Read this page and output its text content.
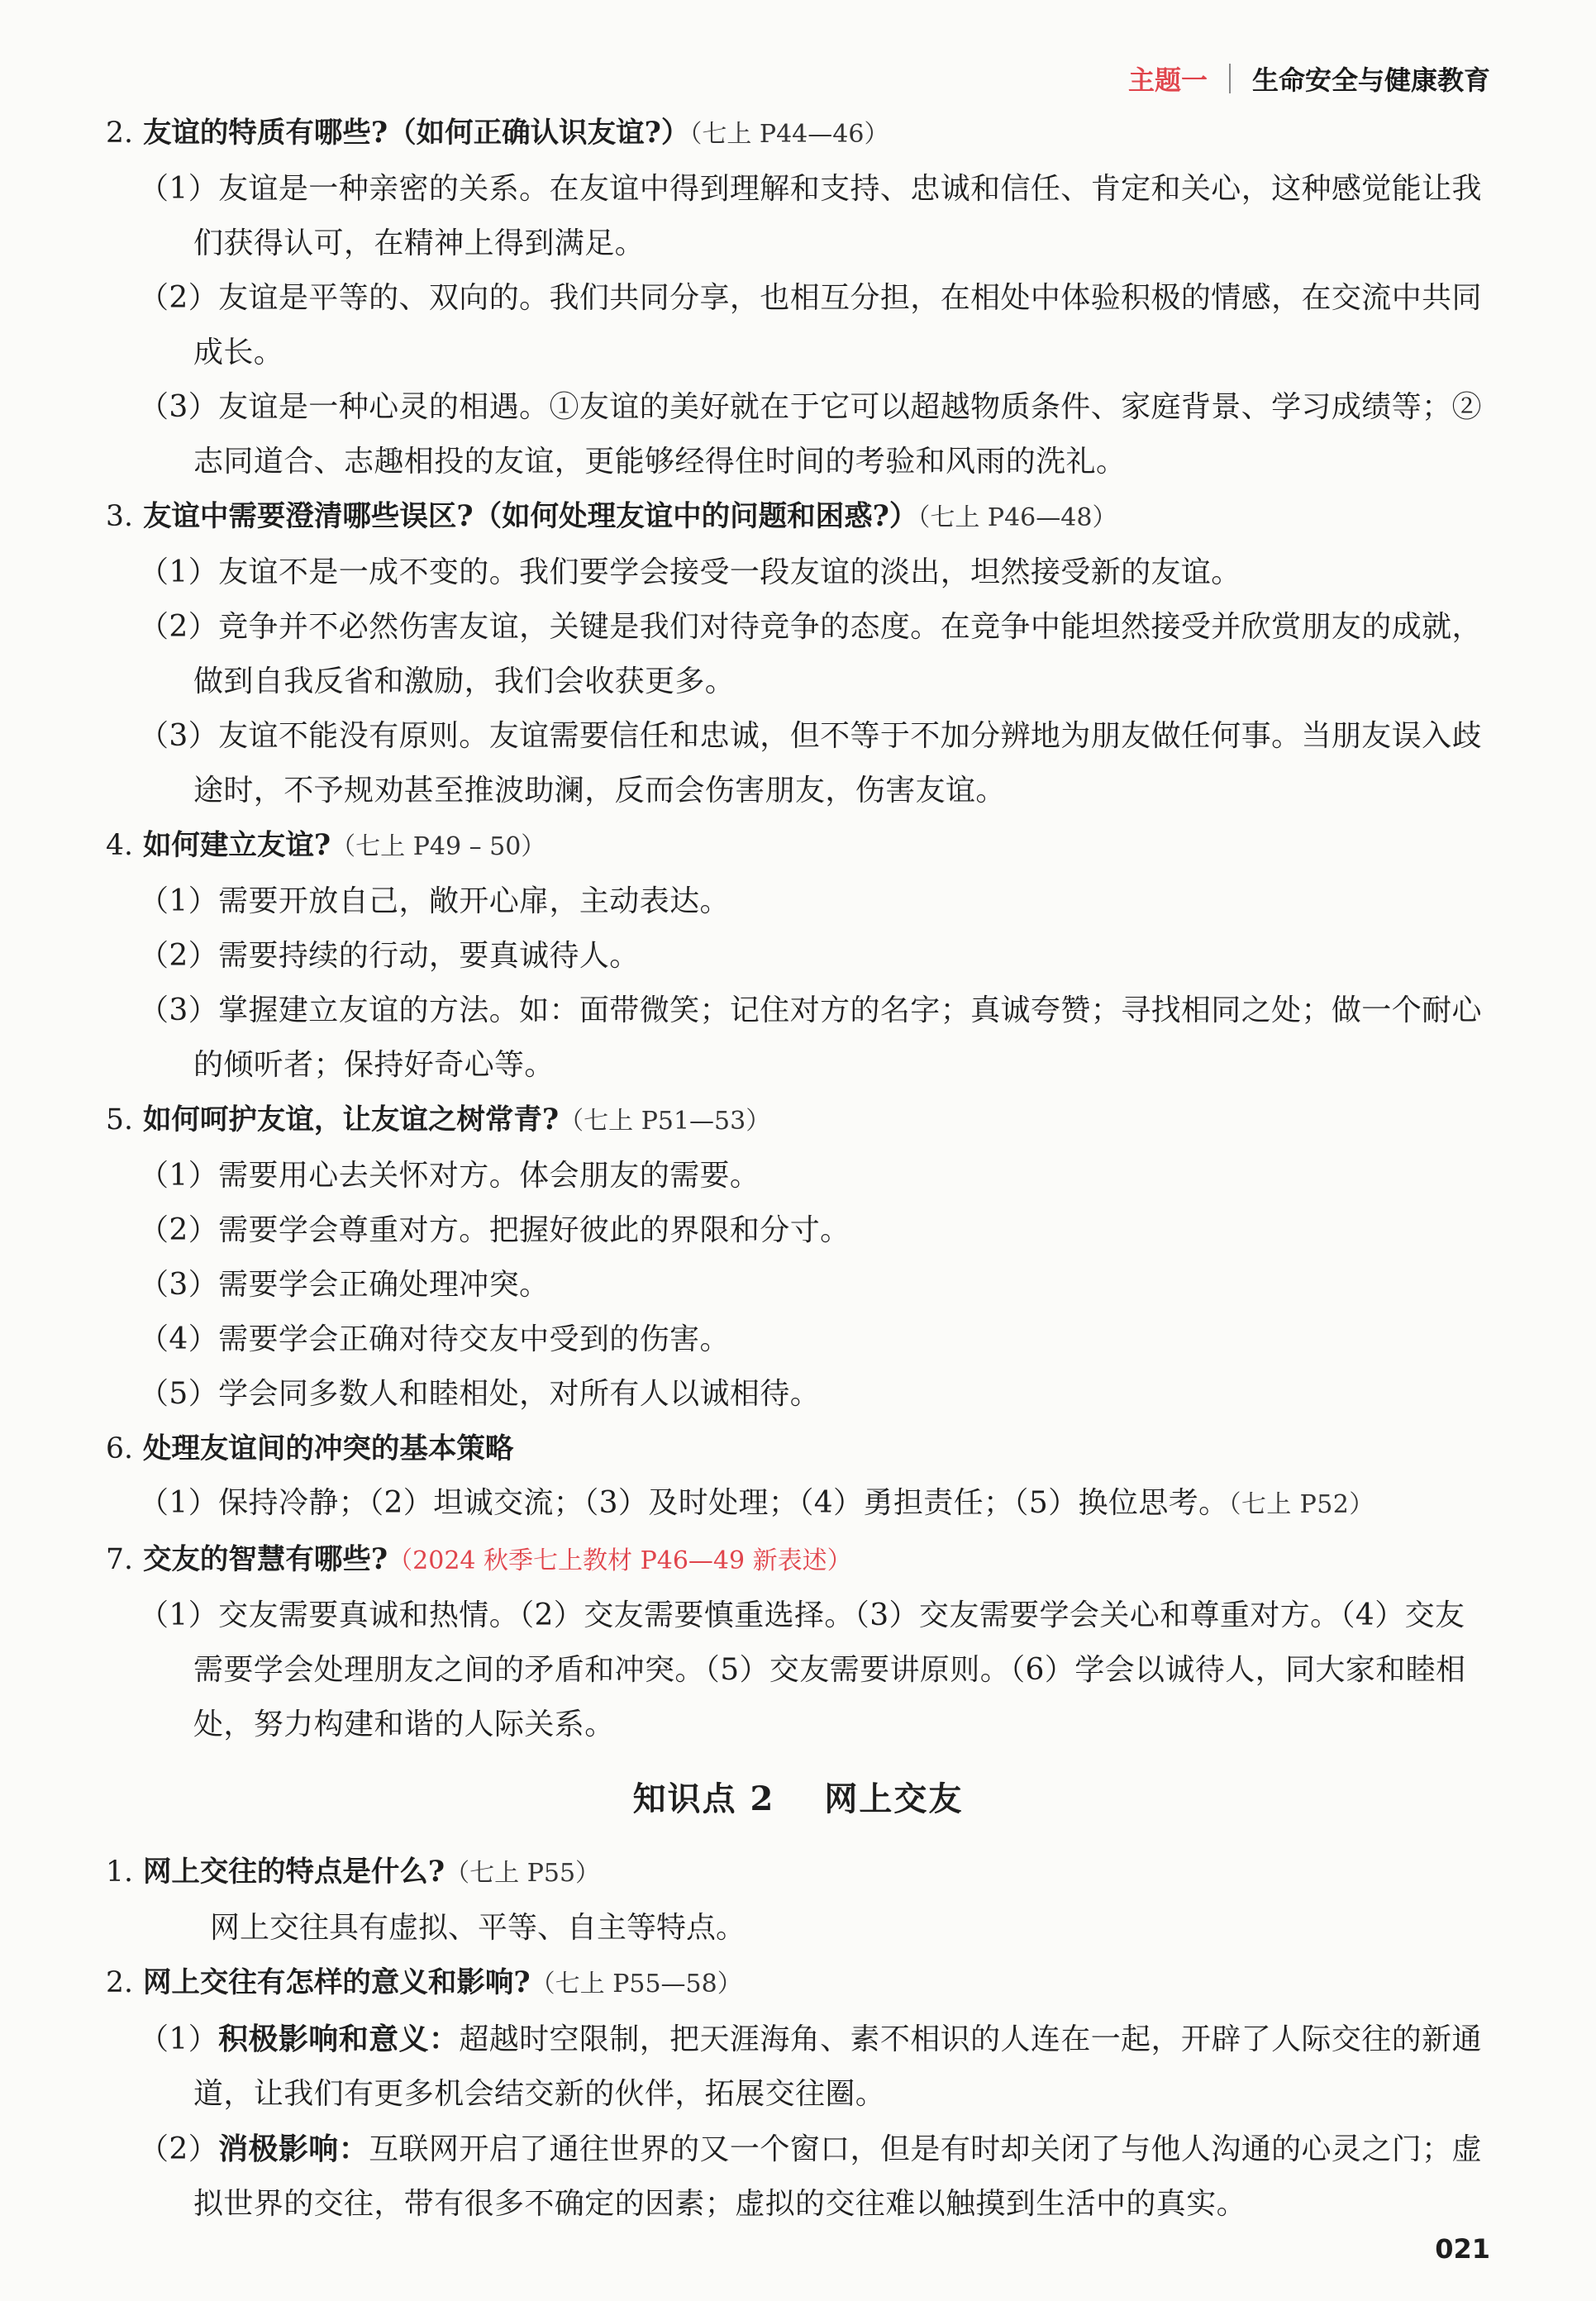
主题一 生命安全与健康教育

2. 友谊的特质有哪些?（如何正确认识友谊?）（七上 P44—46）

（1）友谊是一种亲密的关系。在友谊中得到理解和支持、忠诚和信任、肯定和关心，这种感觉能让我们获得认可，在精神上得到满足。

（2）友谊是平等的、双向的。我们共同分享，也相互分担，在相处中体验积极的情感，在交流中共同成长。

（3）友谊是一种心灵的相遇。①友谊的美好就在于它可以超越物质条件、家庭背景、学习成绩等；②志同道合、志趣相投的友谊，更能够经得住时间的考验和风雨的洗礼。

3. 友谊中需要澄清哪些误区?（如何处理友谊中的问题和困惑?）（七上 P46—48）

（1）友谊不是一成不变的。我们要学会接受一段友谊的淡出，坦然接受新的友谊。

（2）竞争并不必然伤害友谊，关键是我们对待竞争的态度。在竞争中能坦然接受并欣赏朋友的成就，做到自我反省和激励，我们会收获更多。

（3）友谊不能没有原则。友谊需要信任和忠诚，但不等于不加分辨地为朋友做任何事。当朋友误入歧途时，不予规劝甚至推波助澜，反而会伤害朋友，伤害友谊。

4. 如何建立友谊?（七上 P49 – 50）

（1）需要开放自己，敞开心扉，主动表达。

（2）需要持续的行动，要真诚待人。

（3）掌握建立友谊的方法。如：面带微笑；记住对方的名字；真诚夸赞；寻找相同之处；做一个耐心的倾听者；保持好奇心等。

5. 如何呵护友谊，让友谊之树常青?（七上 P51—53）

（1）需要用心去关怀对方。体会朋友的需要。

（2）需要学会尊重对方。把握好彼此的界限和分寸。

（3）需要学会正确处理冲突。

（4）需要学会正确对待交友中受到的伤害。

（5）学会同多数人和睦相处，对所有人以诚相待。

6. 处理友谊间的冲突的基本策略

（1）保持冷静；（2）坦诚交流；（3）及时处理；（4）勇担责任；（5）换位思考。（七上 P52）

7. 交友的智慧有哪些?（2024 秋季七上教材 P46—49 新表述）

（1）交友需要真诚和热情。（2）交友需要慎重选择。（3）交友需要学会关心和尊重对方。（4）交友需要学会处理朋友之间的矛盾和冲突。（5）交友需要讲原则。（6）学会以诚待人，同大家和睦相处，努力构建和谐的人际关系。

知识点 2 网上交友

1. 网上交往的特点是什么?（七上 P55）

网上交往具有虚拟、平等、自主等特点。

2. 网上交往有怎样的意义和影响?（七上 P55—58）

（1）积极影响和意义：超越时空限制，把天涯海角、素不相识的人连在一起，开辟了人际交往的新通道，让我们有更多机会结交新的伙伴，拓展交往圈。

（2）消极影响：互联网开启了通往世界的又一个窗口，但是有时却关闭了与他人沟通的心灵之门；虚拟世界的交往，带有很多不确定的因素；虚拟的交往难以触摸到生活中的真实。

021
